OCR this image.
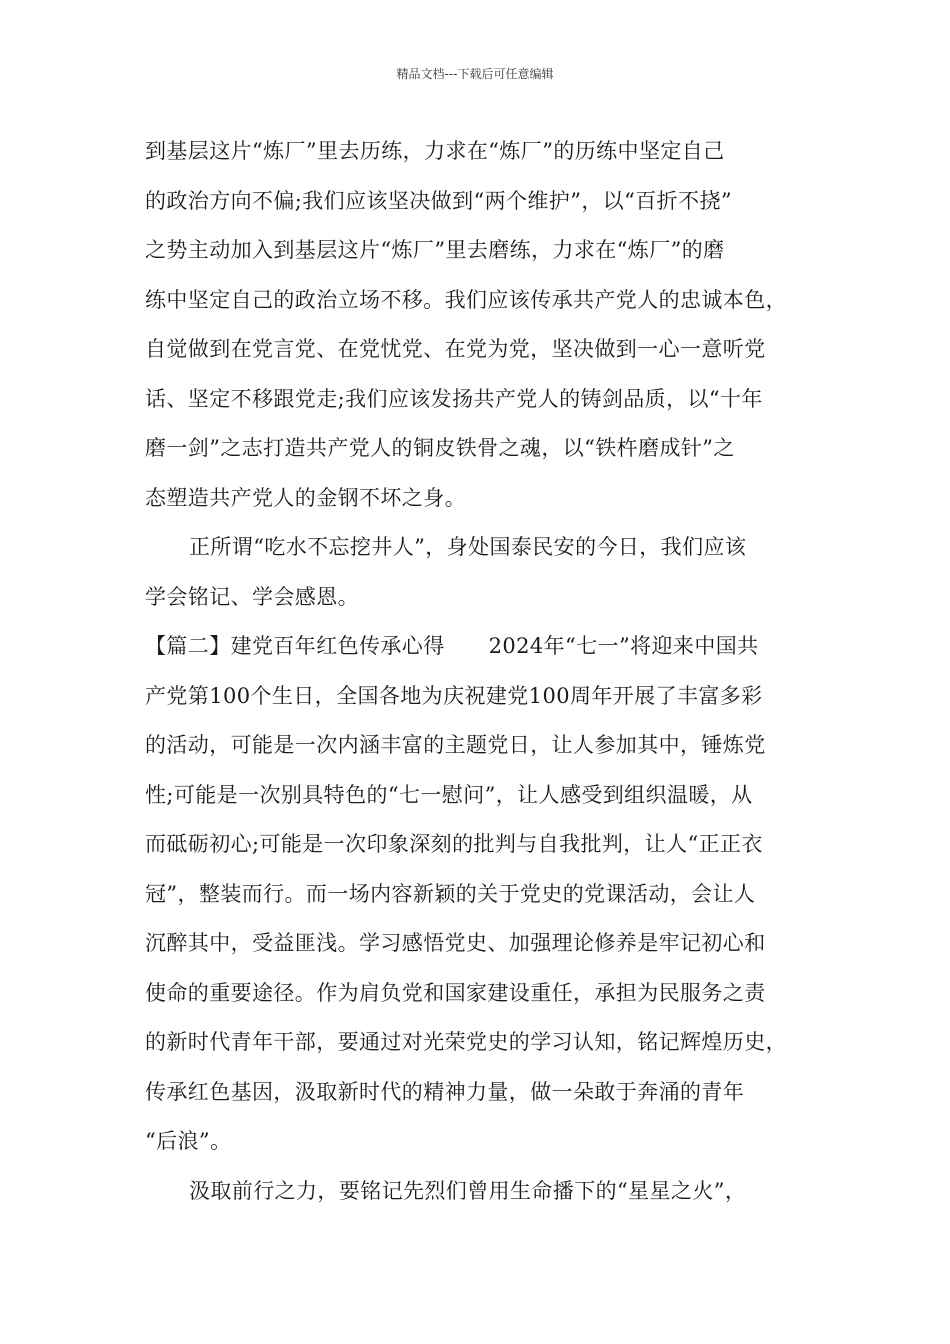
精品文档---下载后可任意编辑

到基层这片“炼厂”里去历练，力求在“炼厂”的历练中坚定自己
的政治方向不偏;我们应该坚决做到“两个维护”，以“百折不挠”
之势主动加入到基层这片“炼厂”里去磨练，力求在“炼厂”的磨
练中坚定自己的政治立场不移。我们应该传承共产党人的忠诚本色，
自觉做到在党言党、在党忧党、在党为党，坚决做到一心一意听党
话、坚定不移跟党走;我们应该发扬共产党人的铸剑品质，以“十年
磨一剑”之志打造共产党人的铜皮铁骨之魂，以“铁杵磨成针”之
态塑造共产党人的金钢不坏之身。

正所谓“吃水不忘挖井人”，身处国泰民安的今日，我们应该
学会铭记、学会感恩。

【篇二】建党百年红色传承心得 2024年“七一”将迎来中国共
产党第100个生日，全国各地为庆祝建党100周年开展了丰富多彩
的活动，可能是一次内涵丰富的主题党日，让人参加其中，锤炼党
性;可能是一次别具特色的“七一慰问”，让人感受到组织温暖，从
而砥砺初心;可能是一次印象深刻的批判与自我批判，让人“正正衣
冠”，整装而行。而一场内容新颖的关于党史的党课活动，会让人
沉醉其中，受益匪浅。学习感悟党史、加强理论修养是牢记初心和
使命的重要途径。作为肩负党和国家建设重任，承担为民服务之责
的新时代青年干部，要通过对光荣党史的学习认知，铭记辉煌历史，
传承红色基因，汲取新时代的精神力量，做一朵敢于奔涌的青年
“后浪”。

汲取前行之力，要铭记先烈们曾用生命播下的“星星之火”，
